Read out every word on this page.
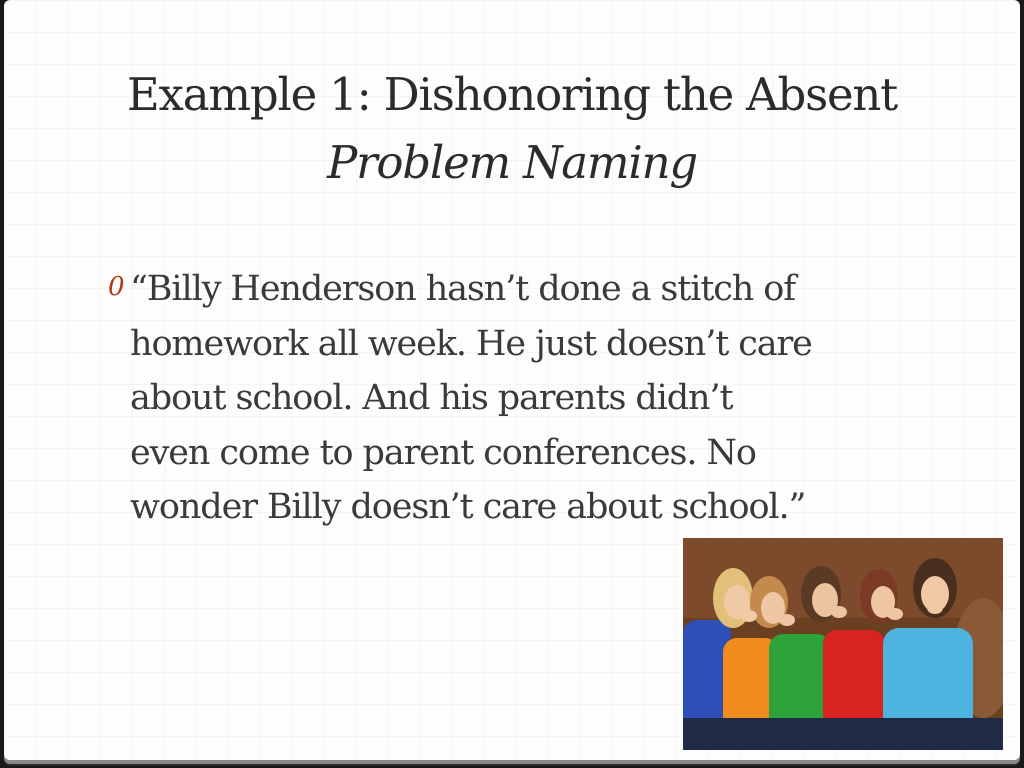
Example 1: Dishonoring the Absent
Problem Naming
0 “Billy Henderson hasn’t done a stitch of
homework all week. He just doesn’t care
about school. And his parents didn’t
even come to parent conferences. No
wonder Billy doesn’t care about school.”
